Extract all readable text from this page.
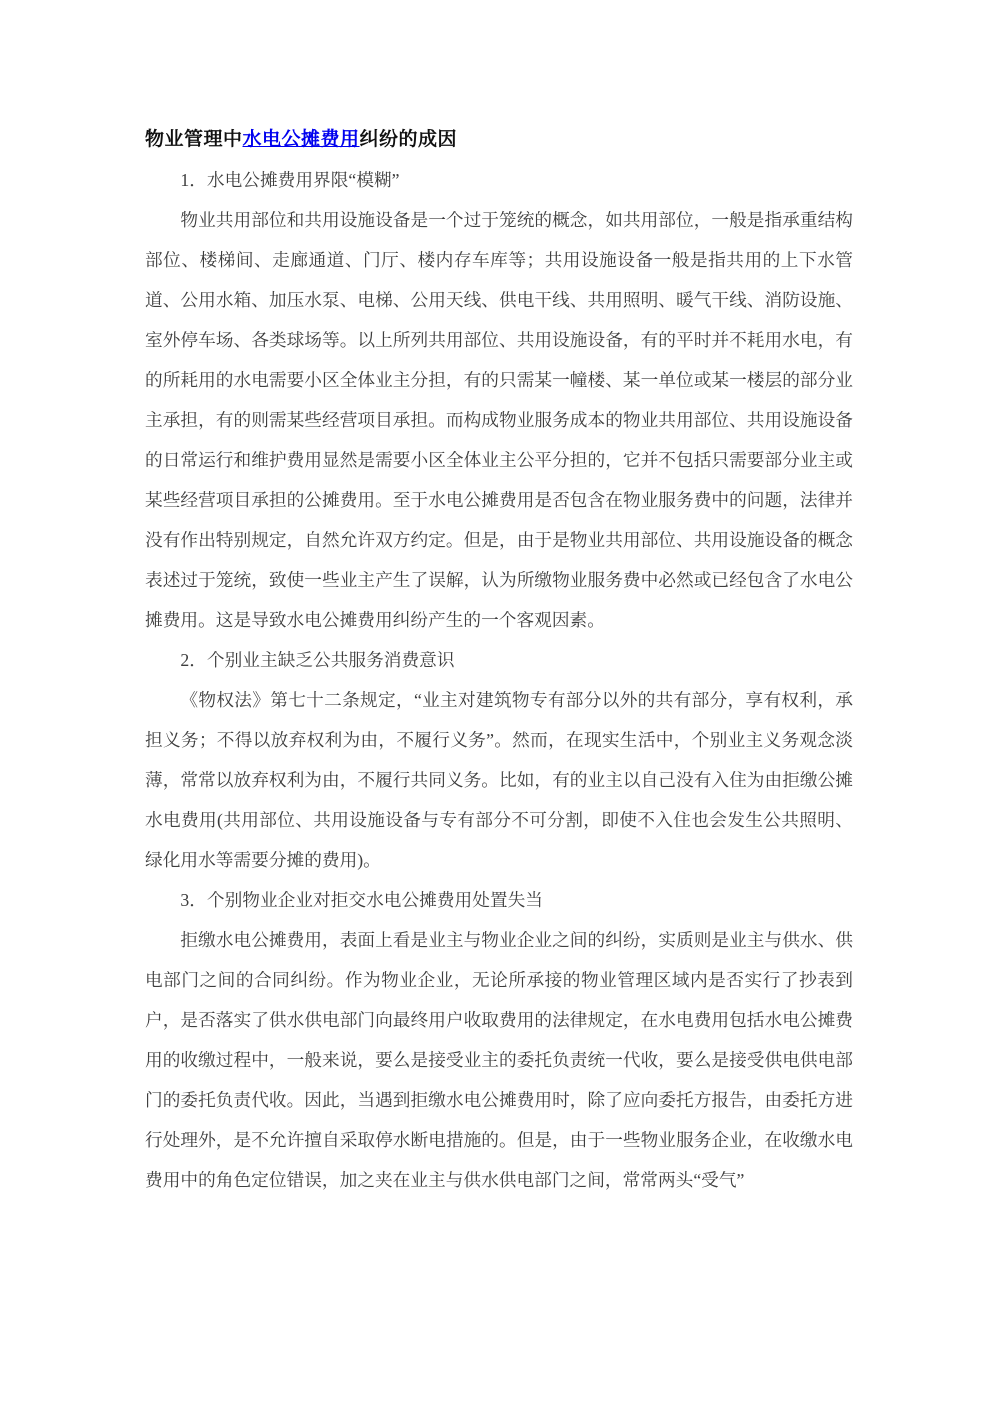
物业管理中水电公摊费用纠纷的成因

1．水电公摊费用界限“模糊”

物业共用部位和共用设施设备是一个过于笼统的概念，如共用部位，一般是指承重结构部位、楼梯间、走廊通道、门厅、楼内存车库等；共用设施设备一般是指共用的上下水管道、公用水箱、加压水泵、电梯、公用天线、供电干线、共用照明、暖气干线、消防设施、室外停车场、各类球场等。以上所列共用部位、共用设施设备，有的平时并不耗用水电，有的所耗用的水电需要小区全体业主分担，有的只需某一幢楼、某一单位或某一楼层的部分业主承担，有的则需某些经营项目承担。而构成物业服务成本的物业共用部位、共用设施设备的日常运行和维护费用显然是需要小区全体业主公平分担的，它并不包括只需要部分业主或某些经营项目承担的公摊费用。至于水电公摊费用是否包含在物业服务费中的问题，法律并没有作出特别规定，自然允许双方约定。但是，由于是物业共用部位、共用设施设备的概念表述过于笼统，致使一些业主产生了误解，认为所缴物业服务费中必然或已经包含了水电公摊费用。这是导致水电公摊费用纠纷产生的一个客观因素。

2．个别业主缺乏公共服务消费意识

《物权法》第七十二条规定，“业主对建筑物专有部分以外的共有部分，享有权利，承担义务；不得以放弃权利为由，不履行义务”。然而，在现实生活中，个别业主义务观念淡薄，常常以放弃权利为由，不履行共同义务。比如，有的业主以自己没有入住为由拒缴公摊水电费用(共用部位、共用设施设备与专有部分不可分割，即使不入住也会发生公共照明、绿化用水等需要分摊的费用)。

3．个别物业企业对拒交水电公摊费用处置失当

拒缴水电公摊费用，表面上看是业主与物业企业之间的纠纷，实质则是业主与供水、供电部门之间的合同纠纷。作为物业企业，无论所承接的物业管理区域内是否实行了抄表到户，是否落实了供水供电部门向最终用户收取费用的法律规定，在水电费用包括水电公摊费用的收缴过程中，一般来说，要么是接受业主的委托负责统一代收，要么是接受供电供电部门的委托负责代收。因此，当遇到拒缴水电公摊费用时，除了应向委托方报告，由委托方进行处理外，是不允许擅自采取停水断电措施的。但是，由于一些物业服务企业，在收缴水电费用中的角色定位错误，加之夹在业主与供水供电部门之间，常常两头“受气”
